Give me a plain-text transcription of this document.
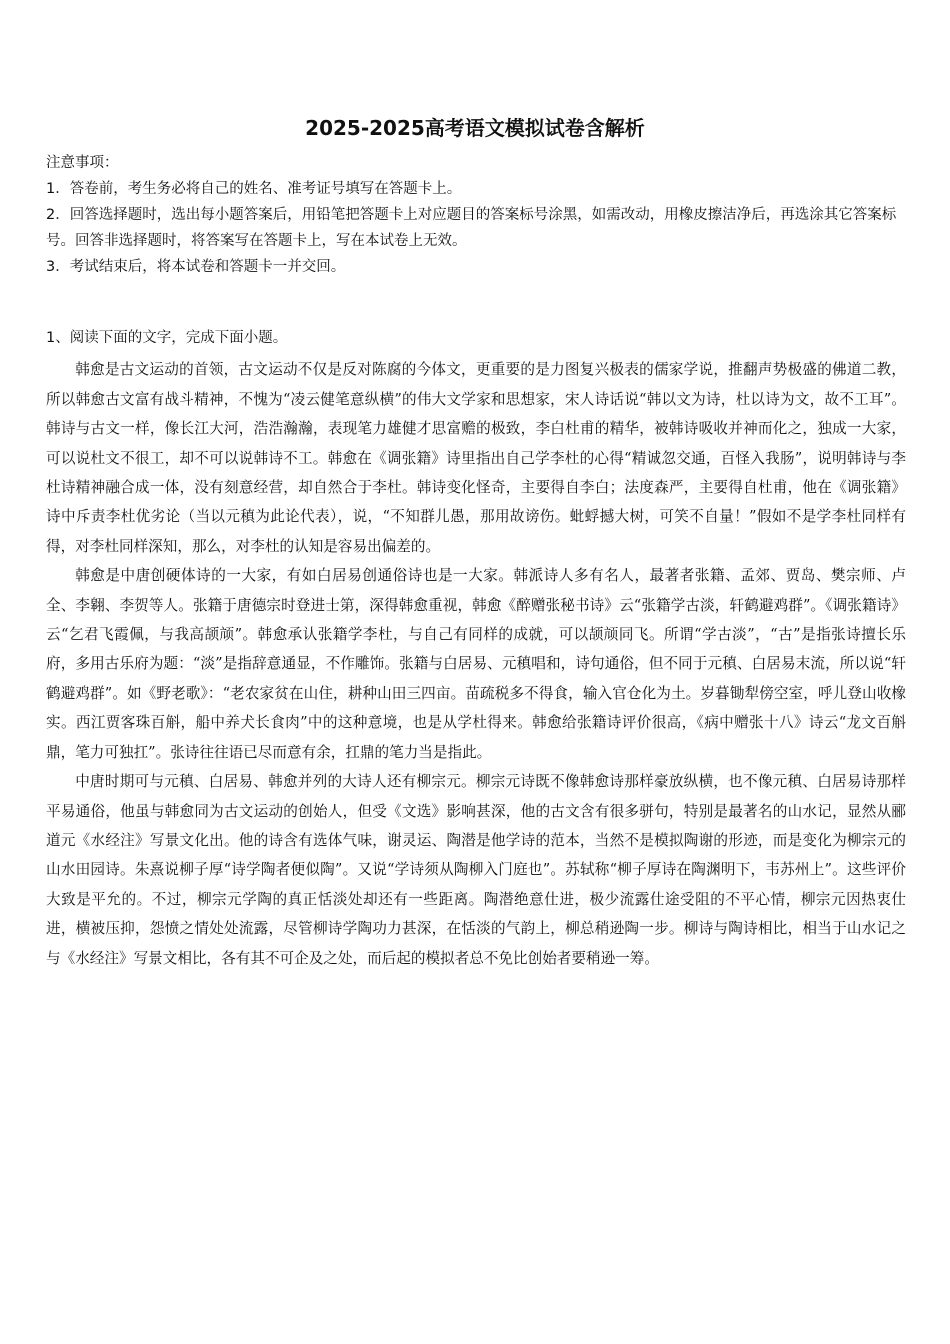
2025-2025高考语文模拟试卷含解析

注意事项：

1．答卷前，考生务必将自己的姓名、准考证号填写在答题卡上。

2．回答选择题时，选出每小题答案后，用铅笔把答题卡上对应题目的答案标号涂黑，如需改动，用橡皮擦洁净后，再选涂其它答案标号。回答非选择题时，将答案写在答题卡上，写在本试卷上无效。

3．考试结束后，将本试卷和答题卡一并交回。

1、阅读下面的文字，完成下面小题。

韩愈是古文运动的首领，古文运动不仅是反对陈腐的今体文，更重要的是力图复兴极表的儒家学说，推翻声势极盛的佛道二教，所以韩愈古文富有战斗精神，不愧为“凌云健笔意纵横”的伟大文学家和思想家，宋人诗话说“韩以文为诗，杜以诗为文，故不工耳”。韩诗与古文一样，像长江大河，浩浩瀚瀚，表现笔力雄健才思富赡的极致，李白杜甫的精华，被韩诗吸收并神而化之，独成一大家，可以说杜文不很工，却不可以说韩诗不工。韩愈在《调张籍》诗里指出自己学李杜的心得“精诚忽交通，百怪入我肠”，说明韩诗与李杜诗精神融合成一体，没有刻意经营，却自然合于李杜。韩诗变化怪奇，主要得自李白；法度森严，主要得自杜甫，他在《调张籍》诗中斥责李杜优劣论（当以元稹为此论代表），说，“不知群儿愚，那用故谤伤。蚍蜉撼大树，可笑不自量！”假如不是学李杜同样有得，对李杜同样深知，那么，对李杜的认知是容易出偏差的。

韩愈是中唐创硬体诗的一大家，有如白居易创通俗诗也是一大家。韩派诗人多有名人，最著者张籍、孟郊、贾岛、樊宗师、卢全、李翱、李贺等人。张籍于唐德宗时登进士第，深得韩愈重视，韩愈《醉赠张秘书诗》云“张籍学古淡，轩鹤避鸡群”。《调张籍诗》云“乞君飞霞佩，与我高颉颃”。韩愈承认张籍学李杜，与自己有同样的成就，可以颉颃同飞。所谓“学古淡”，“古”是指张诗擅长乐府，多用古乐府为题：“淡”是指辞意通显，不作雕饰。张籍与白居易、元稹唱和，诗句通俗，但不同于元稹、白居易末流，所以说“轩鹤避鸡群”。如《野老歌》：“老农家贫在山住，耕种山田三四亩。苗疏税多不得食，输入官仓化为土。岁暮锄犁傍空室，呼儿登山收橡实。西江贾客珠百斛，船中养犬长食肉”中的这种意境，也是从学杜得来。韩愈给张籍诗评价很高，《病中赠张十八》诗云“龙文百斛鼎，笔力可独扛”。张诗往往语已尽而意有余，扛鼎的笔力当是指此。

中唐时期可与元稹、白居易、韩愈并列的大诗人还有柳宗元。柳宗元诗既不像韩愈诗那样豪放纵横，也不像元稹、白居易诗那样平易通俗，他虽与韩愈同为古文运动的创始人，但受《文选》影响甚深，他的古文含有很多骈句，特别是最著名的山水记，显然从郦道元《水经注》写景文化出。他的诗含有选体气味，谢灵运、陶潜是他学诗的范本，当然不是模拟陶谢的形迹，而是变化为柳宗元的山水田园诗。朱熹说柳子厚“诗学陶者便似陶”。又说“学诗须从陶柳入门庭也”。苏轼称“柳子厚诗在陶渊明下，韦苏州上”。这些评价大致是平允的。不过，柳宗元学陶的真正恬淡处却还有一些距离。陶潜绝意仕进，极少流露仕途受阻的不平心情，柳宗元因热衷仕进，横被压抑，怨愤之情处处流露，尽管柳诗学陶功力甚深，在恬淡的气韵上，柳总稍逊陶一步。柳诗与陶诗相比，相当于山水记之与《水经注》写景文相比，各有其不可企及之处，而后起的模拟者总不免比创始者要稍逊一筹。
